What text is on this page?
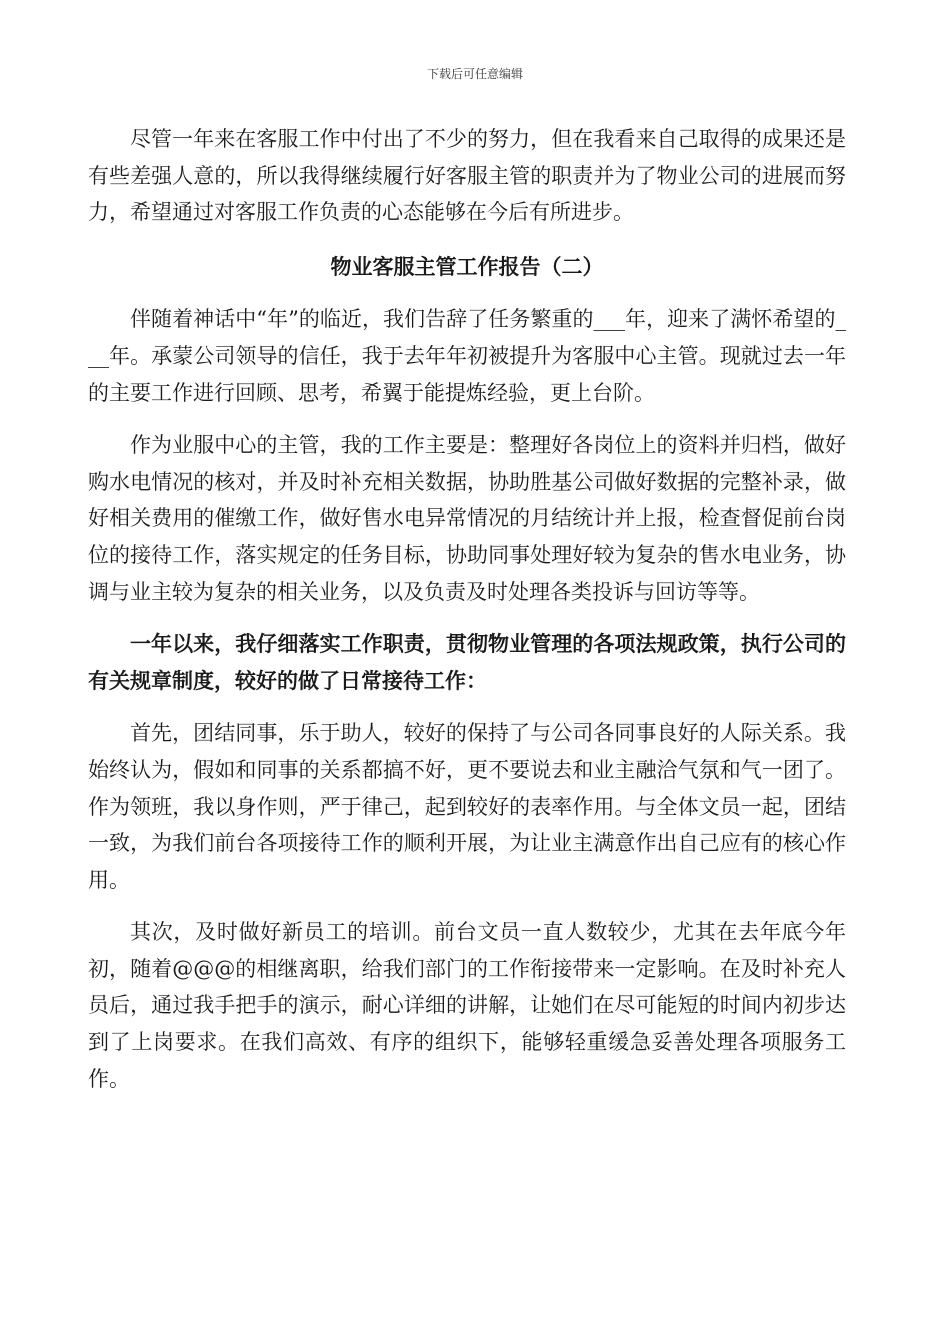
下载后可任意编辑

尽管一年来在客服工作中付出了不少的努力，但在我看来自己取得的成果还是有些差强人意的，所以我得继续履行好客服主管的职责并为了物业公司的进展而努力，希望通过对客服工作负责的心态能够在今后有所进步。

物业客服主管工作报告（二）

伴随着神话中“年”的临近，我们告辞了任务繁重的___年，迎来了满怀希望的___年。承蒙公司领导的信任，我于去年年初被提升为客服中心主管。现就过去一年的主要工作进行回顾、思考，希翼于能提炼经验，更上台阶。

作为业服中心的主管，我的工作主要是：整理好各岗位上的资料并归档，做好购水电情况的核对，并及时补充相关数据，协助胜基公司做好数据的完整补录，做好相关费用的催缴工作，做好售水电异常情况的月结统计并上报，检查督促前台岗位的接待工作，落实规定的任务目标，协助同事处理好较为复杂的售水电业务，协调与业主较为复杂的相关业务，以及负责及时处理各类投诉与回访等等。

一年以来，我仔细落实工作职责，贯彻物业管理的各项法规政策，执行公司的有关规章制度，较好的做了日常接待工作：

首先，团结同事，乐于助人，较好的保持了与公司各同事良好的人际关系。我始终认为，假如和同事的关系都搞不好，更不要说去和业主融洽气氛和气一团了。作为领班，我以身作则，严于律己，起到较好的表率作用。与全体文员一起，团结一致，为我们前台各项接待工作的顺利开展，为让业主满意作出自己应有的核心作用。

其次，及时做好新员工的培训。前台文员一直人数较少，尤其在去年底今年初，随着@@@的相继离职，给我们部门的工作衔接带来一定影响。在及时补充人员后，通过我手把手的演示，耐心详细的讲解，让她们在尽可能短的时间内初步达到了上岗要求。在我们高效、有序的组织下，能够轻重缓急妥善处理各项服务工作。
